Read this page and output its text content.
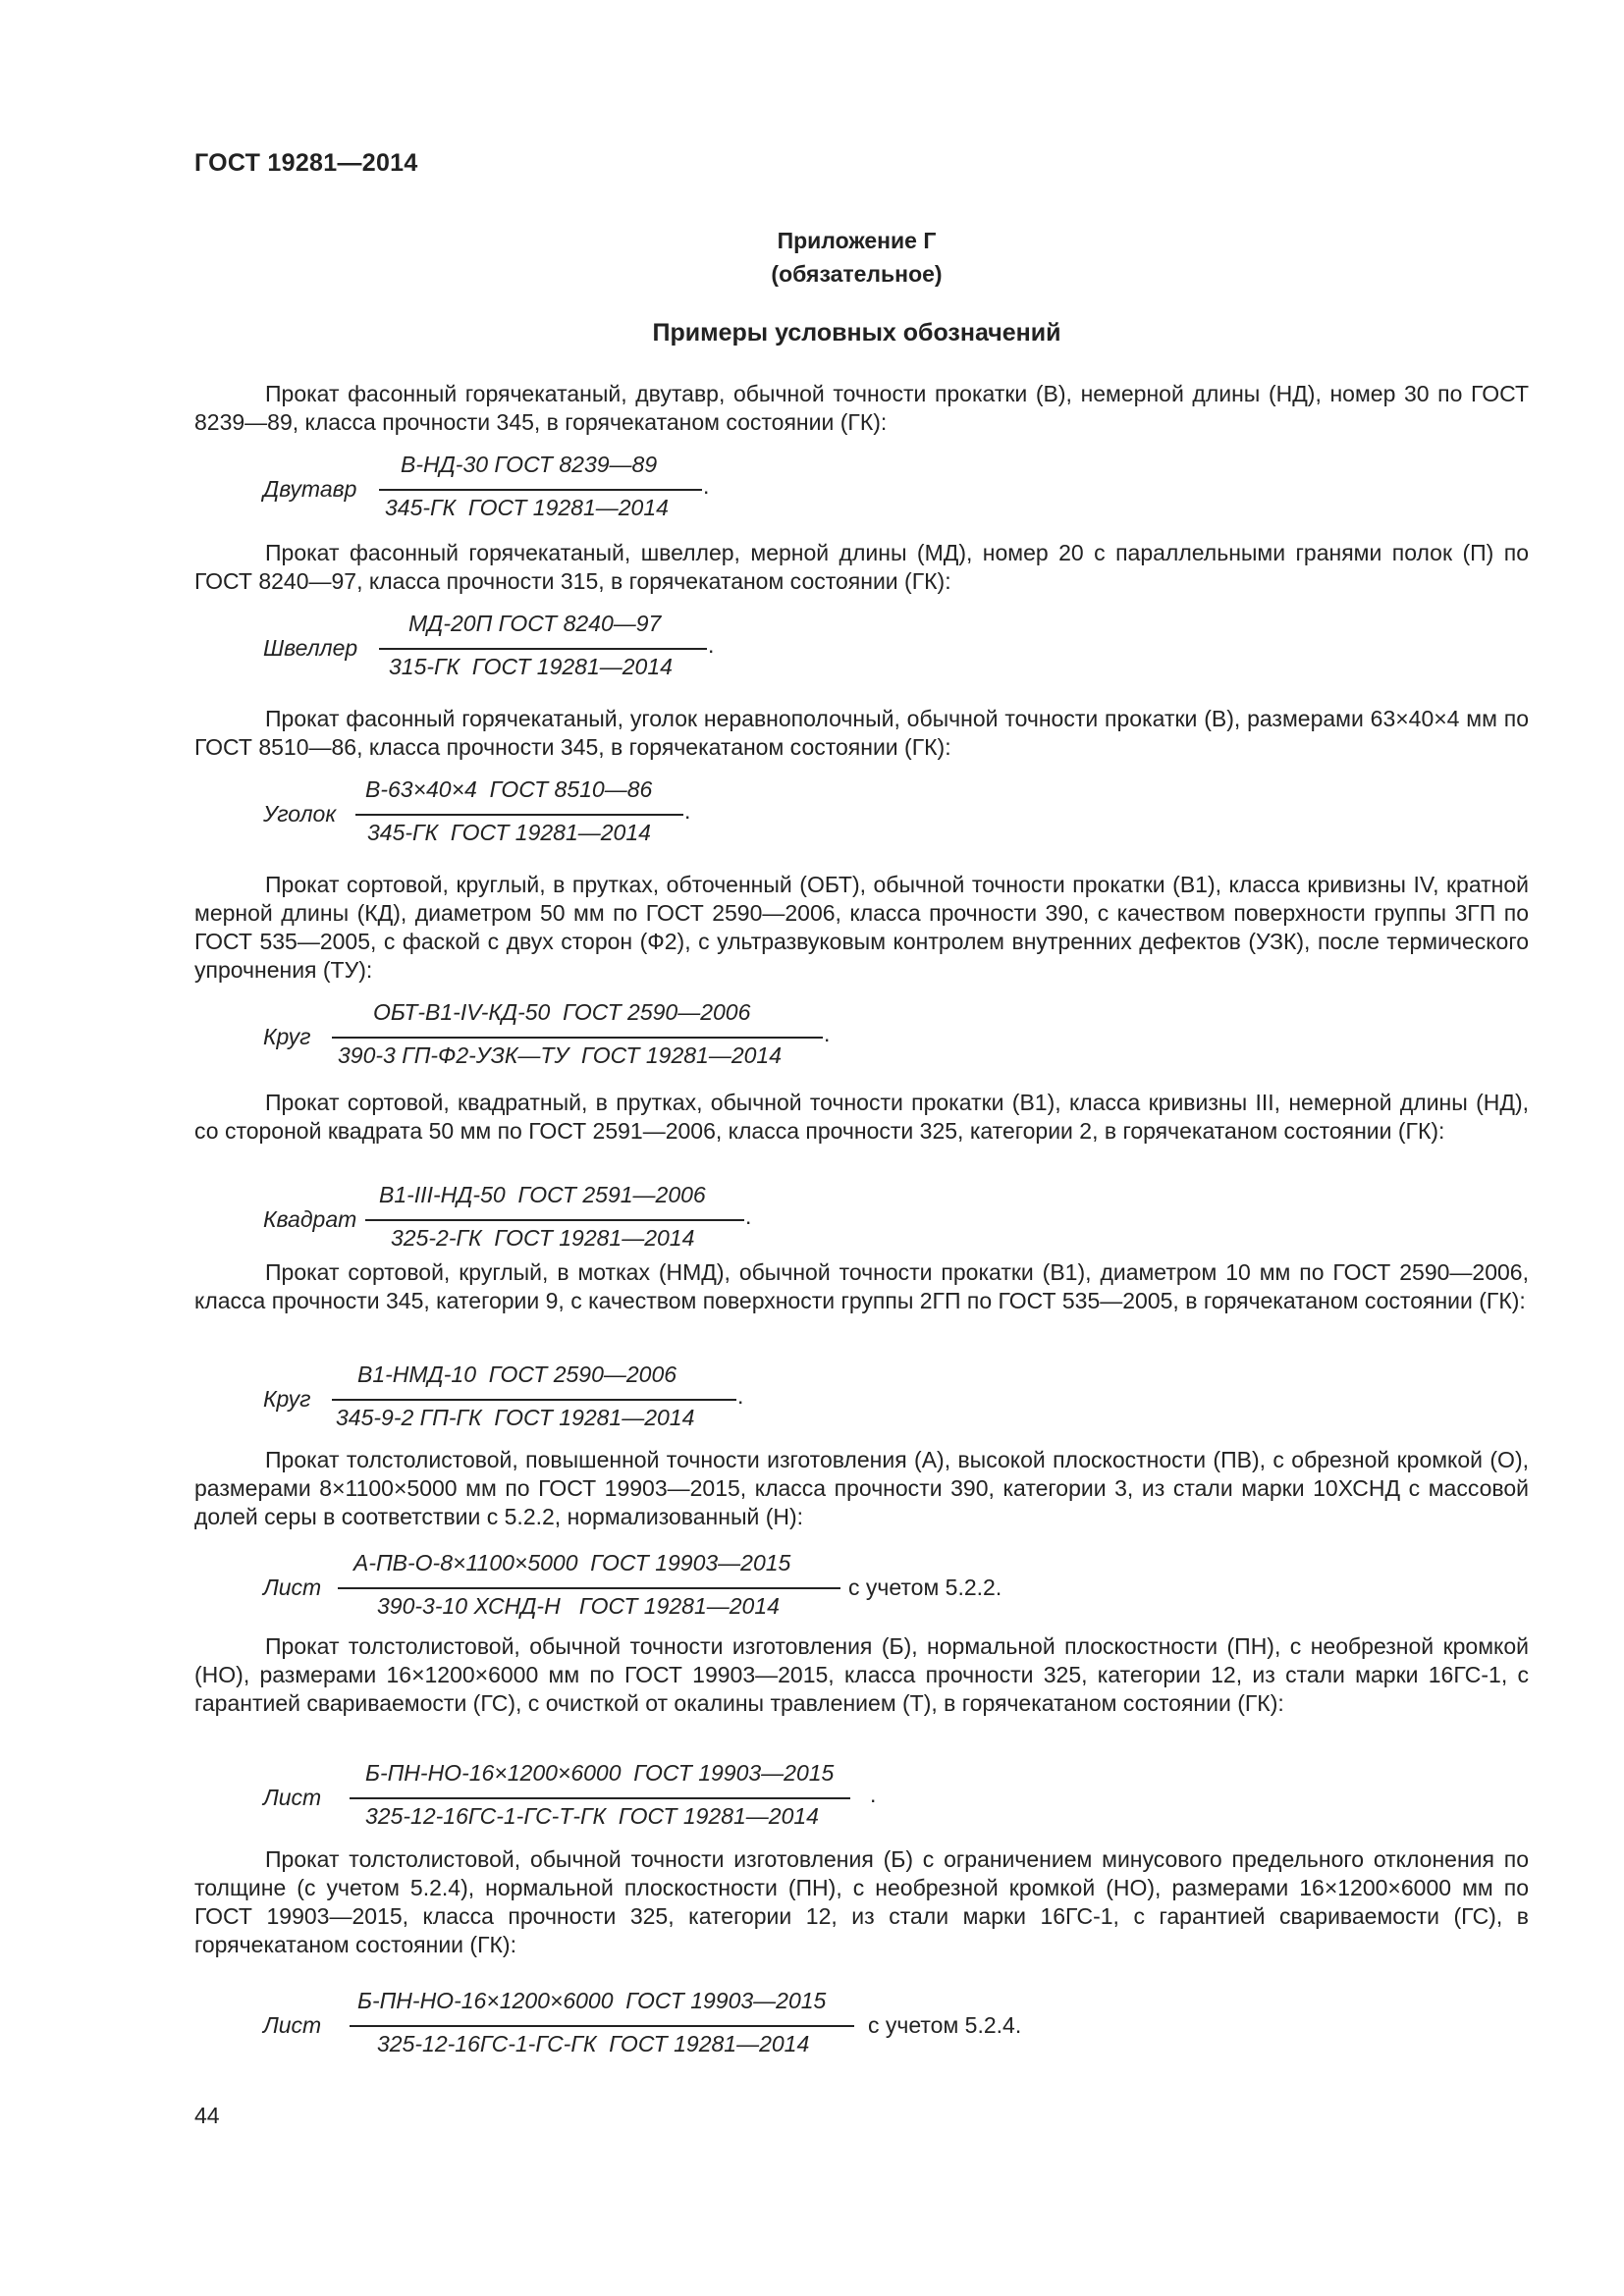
ГОСТ 19281—2014
Приложение Г
(обязательное)
Примеры условных обозначений
Прокат фасонный горячекатаный, двутавр, обычной точности прокатки (В), немерной длины (НД), номер 30 по ГОСТ 8239—89, класса прочности 345, в горячекатаном состоянии (ГК):
Двутавр
В-НД-30 ГОСТ 8239—89
.
345-ГК  ГОСТ 19281—2014
Прокат фасонный горячекатаный, швеллер, мерной длины (МД), номер 20 с параллельными гранями полок (П) по ГОСТ 8240—97, класса прочности 315, в горячекатаном состоянии (ГК):
Швеллер
МД-20П ГОСТ 8240—97
.
315-ГК  ГОСТ 19281—2014
Прокат фасонный горячекатаный, уголок неравнополочный, обычной точности прокатки (В), размерами 63×40×4 мм по ГОСТ 8510—86, класса прочности 345, в горячекатаном состоянии (ГК):
Уголок
В-63×40×4  ГОСТ 8510—86
.
345-ГК  ГОСТ 19281—2014
Прокат сортовой, круглый, в прутках, обточенный (ОБТ), обычной точности прокатки (В1), класса кривизны IV, кратной мерной длины (КД), диаметром 50 мм по ГОСТ 2590—2006, класса прочности 390, с качеством поверхности группы 3ГП по ГОСТ 535—2005, с фаской с двух сторон (Ф2), с ультразвуковым контролем внутренних дефектов (УЗК), после термического упрочнения (ТУ):
Круг
ОБТ-В1-IV-КД-50  ГОСТ 2590—2006
.
390-3 ГП-Ф2-УЗК—ТУ  ГОСТ 19281—2014
Прокат сортовой, квадратный, в прутках, обычной точности прокатки (В1), класса кривизны III, немерной длины (НД), со стороной квадрата 50 мм по ГОСТ 2591—2006, класса прочности 325, категории 2, в горячекатаном состоянии (ГК):
Квадрат
В1-III-НД-50  ГОСТ 2591—2006
.
325-2-ГК  ГОСТ 19281—2014
Прокат сортовой, круглый, в мотках (НМД), обычной точности прокатки (В1), диаметром 10 мм по ГОСТ 2590—2006, класса прочности 345, категории 9, с качеством поверхности группы 2ГП по ГОСТ 535—2005, в горячекатаном состоянии (ГК):
Круг
В1-НМД-10  ГОСТ 2590—2006
.
345-9-2 ГП-ГК  ГОСТ 19281—2014
Прокат толстолистовой, повышенной точности изготовления (А), высокой плоскостности (ПВ), с обрезной кромкой (О), размерами 8×1100×5000 мм по ГОСТ 19903—2015, класса прочности 390, категории 3, из стали марки 10ХСНД с массовой долей серы в соответствии с 5.2.2, нормализованный (Н):
Лист
А-ПВ-О-8×1100×5000  ГОСТ 19903—2015
с учетом 5.2.2.
390-3-10 ХСНД-Н   ГОСТ 19281—2014
Прокат толстолистовой, обычной точности изготовления (Б), нормальной плоскостности (ПН), с необрезной кромкой (НО), размерами 16×1200×6000 мм по ГОСТ 19903—2015, класса прочности 325, категории 12, из стали марки 16ГС-1, с гарантией свариваемости (ГС), с очисткой от окалины травлением (Т), в горячекатаном состоянии (ГК):
Лист
Б-ПН-НО-16×1200×6000  ГОСТ 19903—2015
.
325-12-16ГС-1-ГС-Т-ГК  ГОСТ 19281—2014
Прокат толстолистовой, обычной точности изготовления (Б) с ограничением минусового предельного отклонения по толщине (с учетом 5.2.4), нормальной плоскостности (ПН), с необрезной кромкой (НО), размерами 16×1200×6000 мм по ГОСТ 19903—2015, класса прочности 325, категории 12, из стали марки 16ГС-1, с гарантией свариваемости (ГС), в горячекатаном состоянии (ГК):
Лист
Б-ПН-НО-16×1200×6000  ГОСТ 19903—2015
с учетом 5.2.4.
325-12-16ГС-1-ГС-ГК  ГОСТ 19281—2014
44
